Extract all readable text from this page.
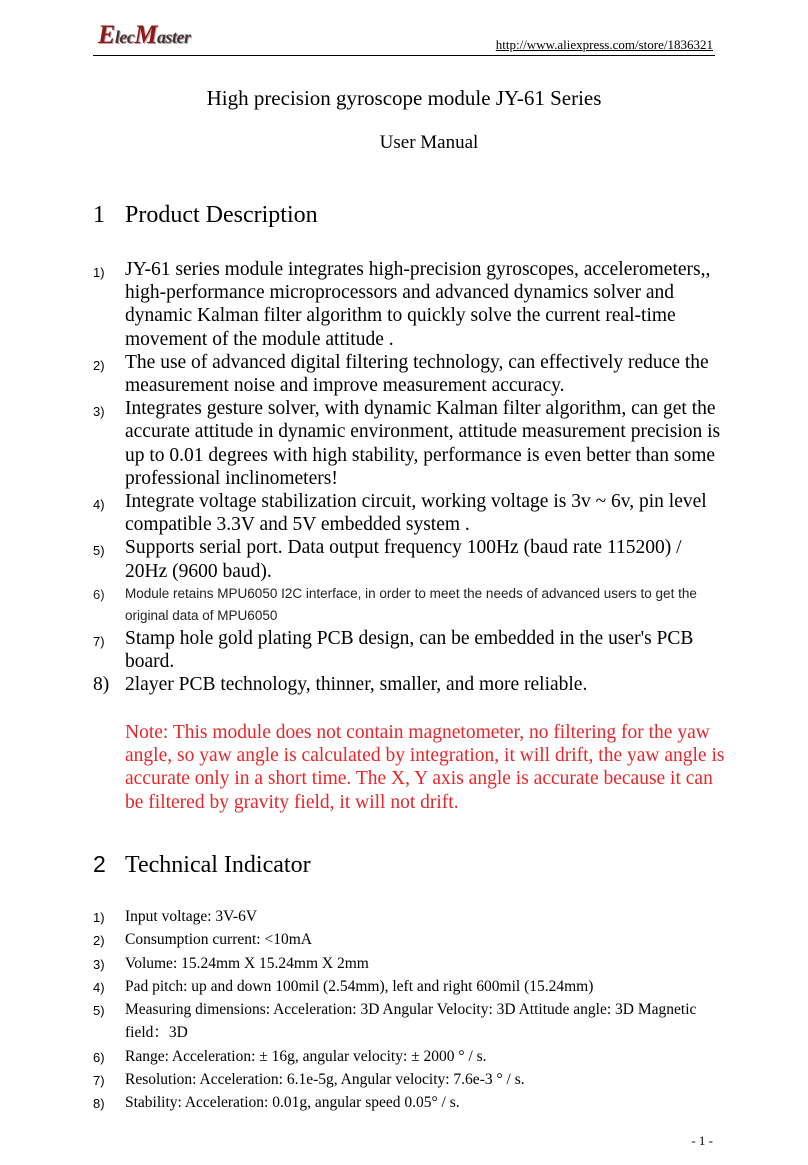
ElecMaster	http://www.aliexpress.com/store/1836321
High precision gyroscope module JY-61 Series
User Manual
1 Product Description
1) JY-61 series module integrates high-precision gyroscopes, accelerometers,, high-performance microprocessors and advanced dynamics solver and dynamic Kalman filter algorithm to quickly solve the current real-time movement of the module attitude .
2) The use of advanced digital filtering technology, can effectively reduce the measurement noise and improve measurement accuracy.
3) Integrates gesture solver, with dynamic Kalman filter algorithm, can get the accurate attitude in dynamic environment, attitude measurement precision is up to 0.01 degrees with high stability, performance is even better than some professional inclinometers!
4) Integrate voltage stabilization circuit, working voltage is 3v ~ 6v, pin level compatible 3.3V and 5V embedded system .
5) Supports serial port. Data output frequency 100Hz (baud rate 115200) / 20Hz (9600 baud).
6) Module retains MPU6050 I2C interface, in order to meet the needs of advanced users to get the original data of MPU6050
7) Stamp hole gold plating PCB design, can be embedded in the user's PCB board.
8) 2layer PCB technology, thinner, smaller, and more reliable.
Note: This module does not contain magnetometer, no filtering for the yaw angle, so yaw angle is calculated by integration, it will drift, the yaw angle is accurate only in a short time. The X, Y axis angle is accurate because it can be filtered by gravity field, it will not drift.
2 Technical Indicator
1) Input voltage: 3V-6V
2) Consumption current: <10mA
3) Volume: 15.24mm X 15.24mm X 2mm
4) Pad pitch: up and down 100mil (2.54mm), left and right 600mil (15.24mm)
5) Measuring dimensions: Acceleration: 3D Angular Velocity: 3D Attitude angle: 3D Magnetic field：3D
6) Range: Acceleration: ± 16g, angular velocity: ± 2000 ° / s.
7) Resolution: Acceleration: 6.1e-5g, Angular velocity: 7.6e-3 ° / s.
8) Stability: Acceleration: 0.01g, angular speed 0.05° / s.
- 1 -
